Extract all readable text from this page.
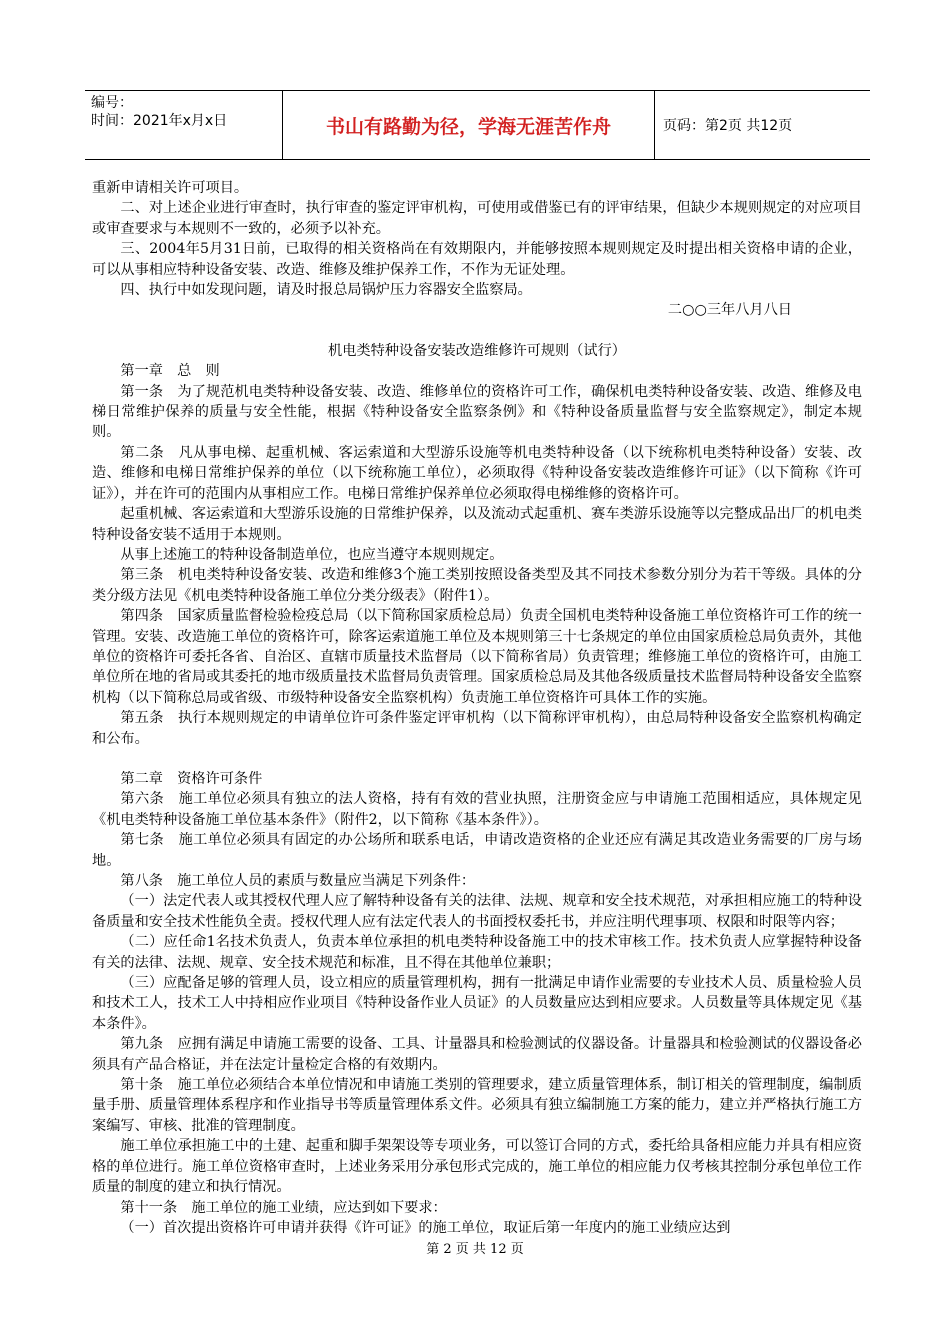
编号：
时间：2021年x月x日	书山有路勤为径，学海无涯苦作舟	页码：第2页 共12页

重新申请相关许可项目。

二、对上述企业进行审查时，执行审查的鉴定评审机构，可使用或借鉴已有的评审结果，但缺少本规则规定的对应项目或审查要求与本规则不一致的，必须予以补充。

三、2004年5月31日前，已取得的相关资格尚在有效期限内，并能够按照本规则规定及时提出相关资格申请的企业，可以从事相应特种设备安装、改造、维修及维护保养工作，不作为无证处理。

四、执行中如发现问题，请及时报总局锅炉压力容器安全监察局。

二○○三年八月八日

机电类特种设备安装改造维修许可规则（试行）

第一章　总　则

第一条　为了规范机电类特种设备安装、改造、维修单位的资格许可工作，确保机电类特种设备安装、改造、维修及电梯日常维护保养的质量与安全性能，根据《特种设备安全监察条例》和《特种设备质量监督与安全监察规定》，制定本规则。

第二条　凡从事电梯、起重机械、客运索道和大型游乐设施等机电类特种设备（以下统称机电类特种设备）安装、改造、维修和电梯日常维护保养的单位（以下统称施工单位），必须取得《特种设备安装改造维修许可证》（以下简称《许可证》），并在许可的范围内从事相应工作。电梯日常维护保养单位必须取得电梯维修的资格许可。

起重机械、客运索道和大型游乐设施的日常维护保养，以及流动式起重机、赛车类游乐设施等以完整成品出厂的机电类特种设备安装不适用于本规则。

从事上述施工的特种设备制造单位，也应当遵守本规则规定。

第三条　机电类特种设备安装、改造和维修3个施工类别按照设备类型及其不同技术参数分别分为若干等级。具体的分类分级方法见《机电类特种设备施工单位分类分级表》（附件1）。

第四条　国家质量监督检验检疫总局（以下简称国家质检总局）负责全国机电类特种设备施工单位资格许可工作的统一管理。安装、改造施工单位的资格许可，除客运索道施工单位及本规则第三十七条规定的单位由国家质检总局负责外，其他单位的资格许可委托各省、自治区、直辖市质量技术监督局（以下简称省局）负责管理；维修施工单位的资格许可，由施工单位所在地的省局或其委托的地市级质量技术监督局负责管理。国家质检总局及其他各级质量技术监督局特种设备安全监察机构（以下简称总局或省级、市级特种设备安全监察机构）负责施工单位资格许可具体工作的实施。

第五条　执行本规则规定的申请单位许可条件鉴定评审机构（以下简称评审机构），由总局特种设备安全监察机构确定和公布。

第二章　资格许可条件

第六条　施工单位必须具有独立的法人资格，持有有效的营业执照，注册资金应与申请施工范围相适应，具体规定见《机电类特种设备施工单位基本条件》（附件2，以下简称《基本条件》）。

第七条　施工单位必须具有固定的办公场所和联系电话，申请改造资格的企业还应有满足其改造业务需要的厂房与场地。

第八条　施工单位人员的素质与数量应当满足下列条件：

（一）法定代表人或其授权代理人应了解特种设备有关的法律、法规、规章和安全技术规范，对承担相应施工的特种设备质量和安全技术性能负全责。授权代理人应有法定代表人的书面授权委托书，并应注明代理事项、权限和时限等内容；

（二）应任命1名技术负责人，负责本单位承担的机电类特种设备施工中的技术审核工作。技术负责人应掌握特种设备有关的法律、法规、规章、安全技术规范和标准，且不得在其他单位兼职；

（三）应配备足够的管理人员，设立相应的质量管理机构，拥有一批满足申请作业需要的专业技术人员、质量检验人员和技术工人，技术工人中持相应作业项目《特种设备作业人员证》的人员数量应达到相应要求。人员数量等具体规定见《基本条件》。

第九条　应拥有满足申请施工需要的设备、工具、计量器具和检验测试的仪器设备。计量器具和检验测试的仪器设备必须具有产品合格证，并在法定计量检定合格的有效期内。

第十条　施工单位必须结合本单位情况和申请施工类别的管理要求，建立质量管理体系，制订相关的管理制度，编制质量手册、质量管理体系程序和作业指导书等质量管理体系文件。必须具有独立编制施工方案的能力，建立并严格执行施工方案编写、审核、批准的管理制度。

施工单位承担施工中的土建、起重和脚手架架设等专项业务，可以签订合同的方式，委托给具备相应能力并具有相应资格的单位进行。施工单位资格审查时，上述业务采用分承包形式完成的，施工单位的相应能力仅考核其控制分承包单位工作质量的制度的建立和执行情况。

第十一条　施工单位的施工业绩，应达到如下要求：

（一）首次提出资格许可申请并获得《许可证》的施工单位，取证后第一年度内的施工业绩应达到

第 2 页 共 12 页
